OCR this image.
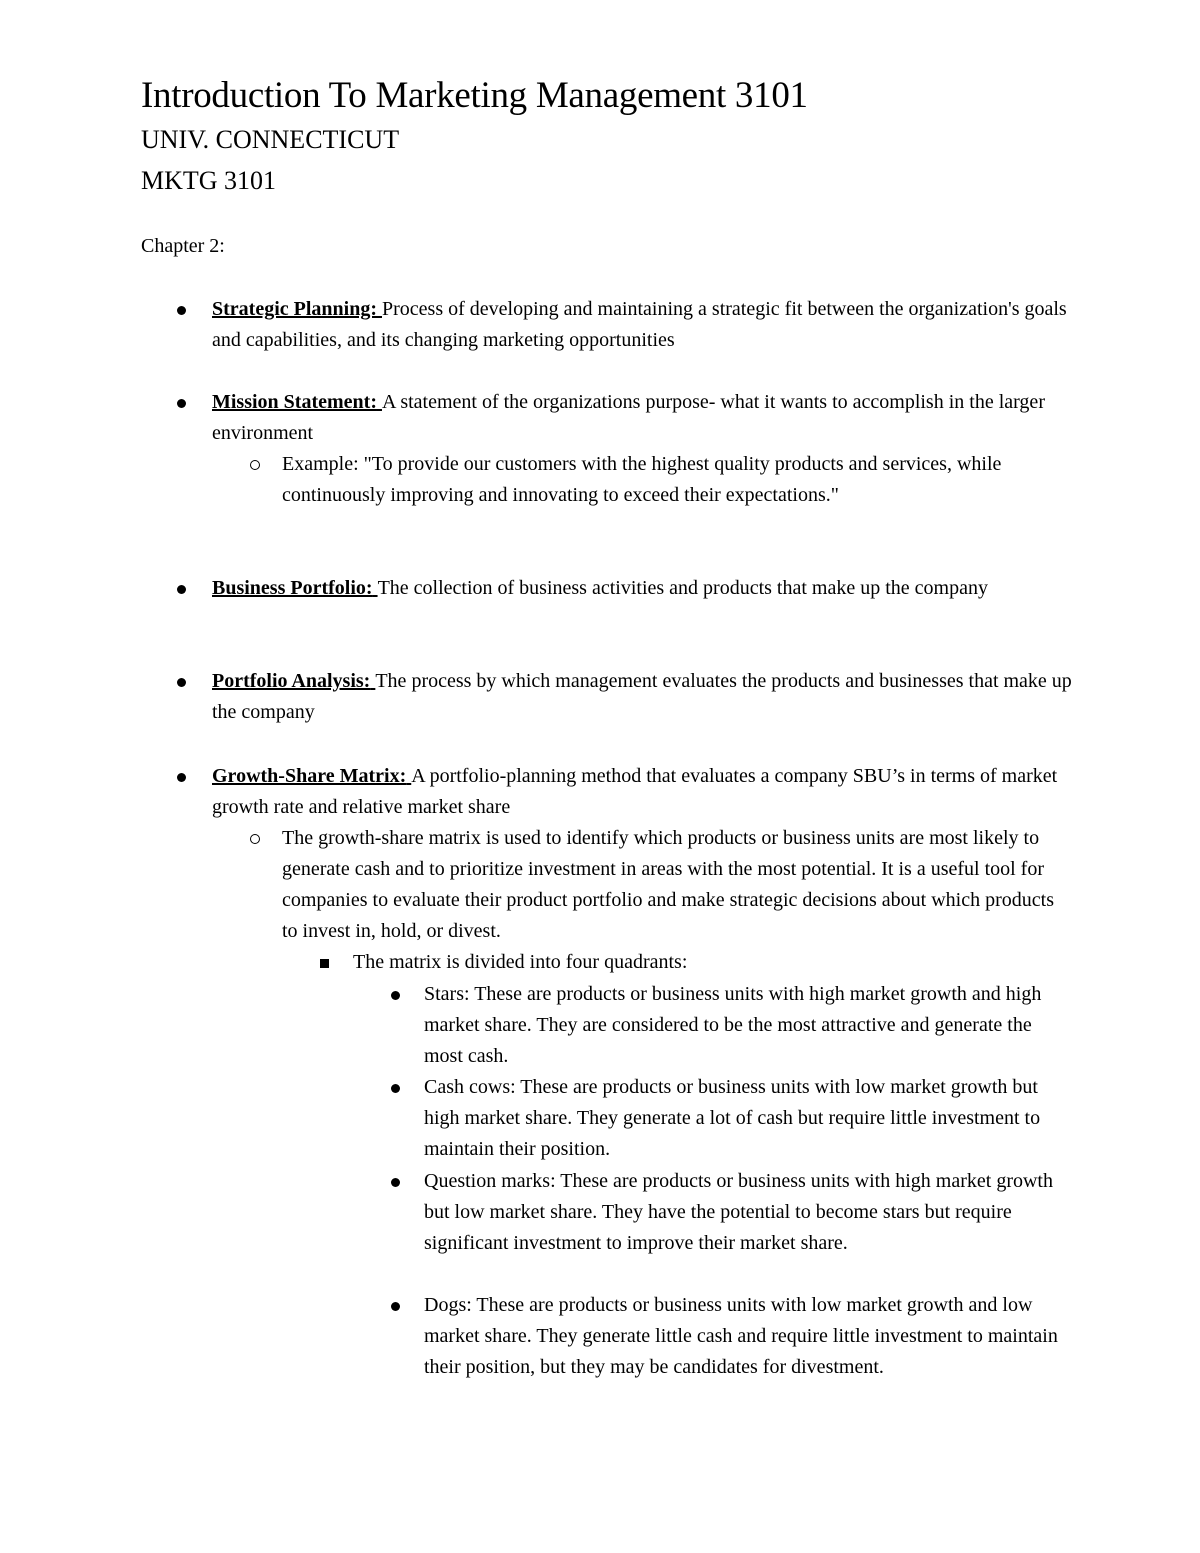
Introduction To Marketing Management 3101
UNIV. CONNECTICUT
MKTG 3101
Chapter 2:
Strategic Planning: Process of developing and maintaining a strategic fit between the organization's goals and capabilities, and its changing marketing opportunities
Mission Statement: A statement of the organizations purpose- what it wants to accomplish in the larger environment
Example: "To provide our customers with the highest quality products and services, while continuously improving and innovating to exceed their expectations."
Business Portfolio: The collection of business activities and products that make up the company
Portfolio Analysis: The process by which management evaluates the products and businesses that make up the company
Growth-Share Matrix: A portfolio-planning method that evaluates a company SBU’s in terms of market growth rate and relative market share
The growth-share matrix is used to identify which products or business units are most likely to generate cash and to prioritize investment in areas with the most potential. It is a useful tool for companies to evaluate their product portfolio and make strategic decisions about which products to invest in, hold, or divest.
The matrix is divided into four quadrants:
Stars: These are products or business units with high market growth and high market share. They are considered to be the most attractive and generate the most cash.
Cash cows: These are products or business units with low market growth but high market share. They generate a lot of cash but require little investment to maintain their position.
Question marks: These are products or business units with high market growth but low market share. They have the potential to become stars but require significant investment to improve their market share.
Dogs: These are products or business units with low market growth and low market share. They generate little cash and require little investment to maintain their position, but they may be candidates for divestment.
